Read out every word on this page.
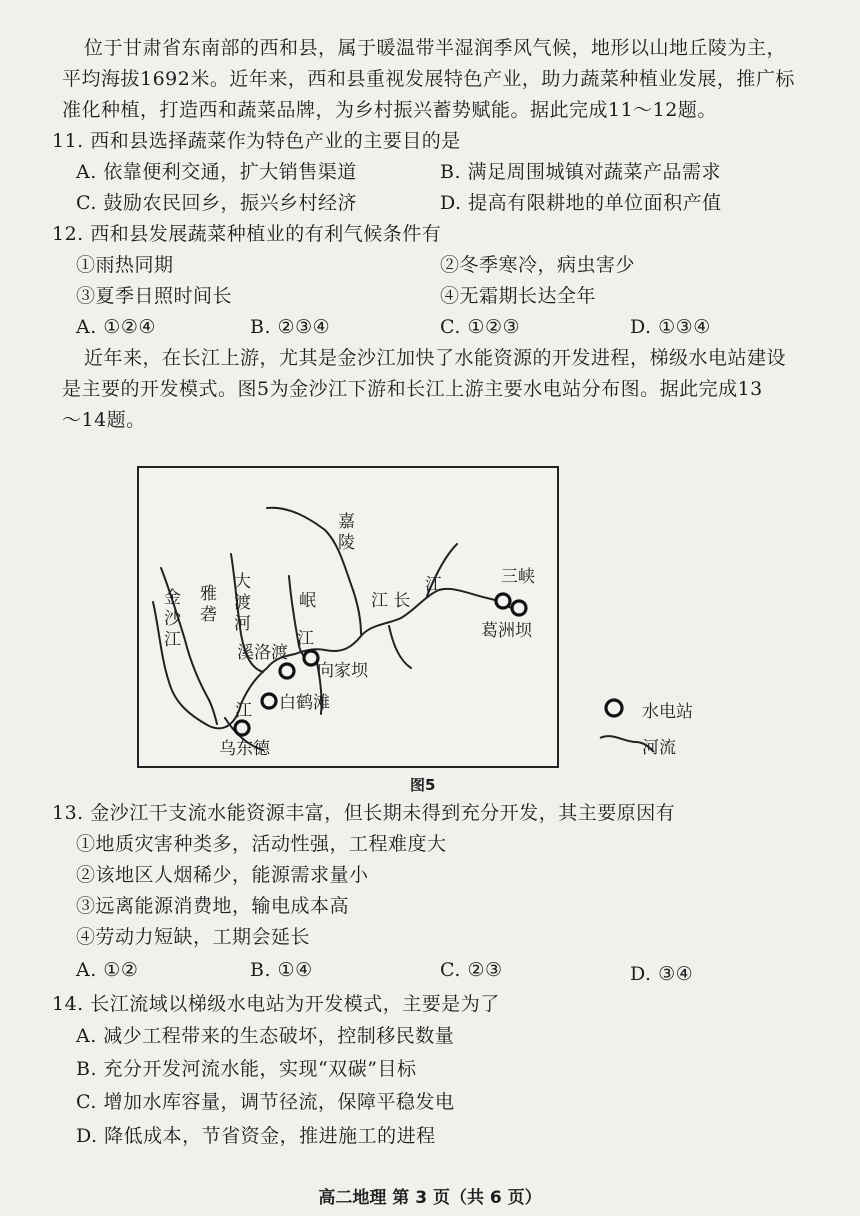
位于甘肃省东南部的西和县，属于暖温带半湿润季风气候，地形以山地丘陵为主，
平均海拔1692米。近年来，西和县重视发展特色产业，助力蔬菜种植业发展，推广标
准化种植，打造西和蔬菜品牌，为乡村振兴蓄势赋能。据此完成11～12题。
11. 西和县选择蔬菜作为特色产业的主要目的是
A. 依靠便利交通，扩大销售渠道	B. 满足周围城镇对蔬菜产品需求
C. 鼓励农民回乡，振兴乡村经济	D. 提高有限耕地的单位面积产值
12. 西和县发展蔬菜种植业的有利气候条件有
①雨热同期	②冬季寒冷，病虫害少
③夏季日照时间长	④无霜期长达全年
A. ①②④	B. ②③④	C. ①②③	D. ①③④
近年来，在长江上游，尤其是金沙江加快了水能资源的开发进程，梯级水电站建设
是主要的开发模式。图5为金沙江下游和长江上游主要水电站分布图。据此完成13
～14题。
嘉陵
江
江 长
三峡
葛洲坝
金沙江 雅砻 大渡河	岷
江
溪洛渡
向家坝
白鹤滩
江
乌东德
水电站
河流
图5
13. 金沙江干支流水能资源丰富，但长期未得到充分开发，其主要原因有
①地质灾害种类多，活动性强，工程难度大
②该地区人烟稀少，能源需求量小
③远离能源消费地，输电成本高
④劳动力短缺，工期会延长
A. ①②	B. ①④	C. ②③	D. ③④
14. 长江流域以梯级水电站为开发模式，主要是为了
A. 减少工程带来的生态破坏，控制移民数量
B. 充分开发河流水能，实现“双碳”目标
C. 增加水库容量，调节径流，保障平稳发电
D. 降低成本，节省资金，推进施工的进程
高二地理 第 3 页（共 6 页）
